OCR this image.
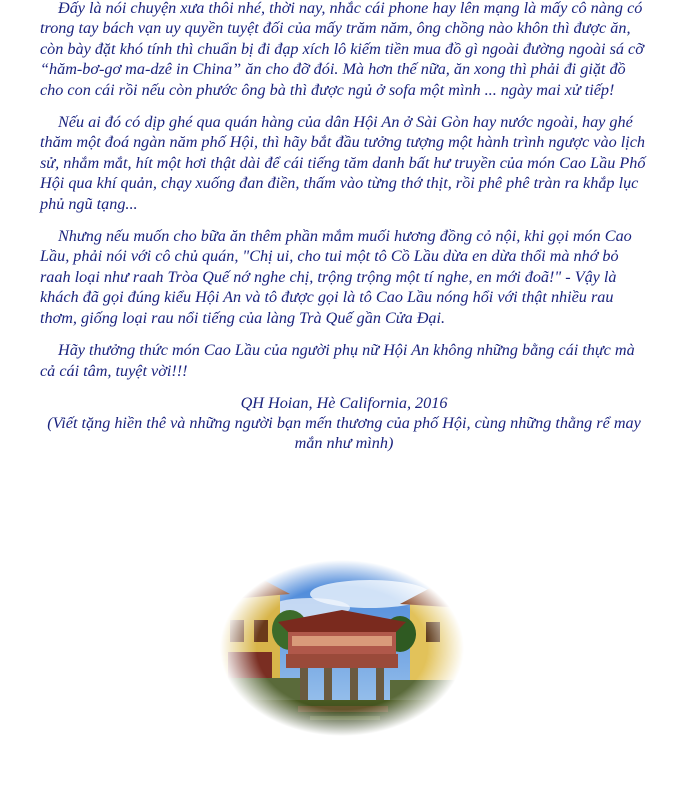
Đấy là nói chuyện xưa thôi nhé, thời nay, nhắc cái phone hay lên mạng là mấy cô nàng có trong tay bách vạn uy quyền tuyệt đối của mấy trăm năm, ông chồng nào khôn thì được ăn, còn bày đặt khó tính thì chuẩn bị đi đạp xích lô kiếm tiền mua đồ gì ngoài đường ngoài sá cỡ “hăm-bơ-gơ ma-dzê in China” ăn cho đỡ đói. Mà hơn thế nữa, ăn xong thì phải đi giặt đồ cho con cái rồi nếu còn phước ông bà thì được ngủ ở sofa một mình ... ngày mai xử tiếp!

Nếu ai đó có dịp ghé qua quán hàng của dân Hội An ở Sài Gòn hay nước ngoài, hay ghé thăm một đoá ngàn năm phố Hội, thì hãy bắt đầu tưởng tượng một hành trình ngược vào lịch sử, nhắm mắt, hít một hơi thật dài để cái tiếng tăm danh bất hư truyền của món Cao Lầu Phố Hội qua khí quản, chạy xuống đan điền, thấm vào từng thớ thịt, rồi phê phê tràn ra khắp lục phủ ngũ tạng...

Nhưng nếu muốn cho bữa ăn thêm phần mắm muối hương đồng cỏ nội, khi gọi món Cao Lầu, phải nói với cô chủ quán, "Chị ui, cho tui một tô Cồ Lầu dừa en dừa thổi mà nhớ bỏ raah loại như raah Tròa Quế nớ nghe chị, trộng trộng một tí nghe, en mới đoã!" - Vậy là khách đã gọi đúng kiểu Hội An và tô được gọi là tô Cao Lầu nóng hổi với thật nhiều rau thơm, giống loại rau nổi tiếng của làng Trà Quế gần Cửa Đại.

Hãy thưởng thức món Cao Lầu của người phụ nữ Hội An không những bằng cái thực mà cả cái tâm, tuyệt vời!!!

QH Hoian, Hè California, 2016
(Viết tặng hiền thê và những người bạn mến thương của phố Hội, cùng những thằng rể may mắn như mình)
